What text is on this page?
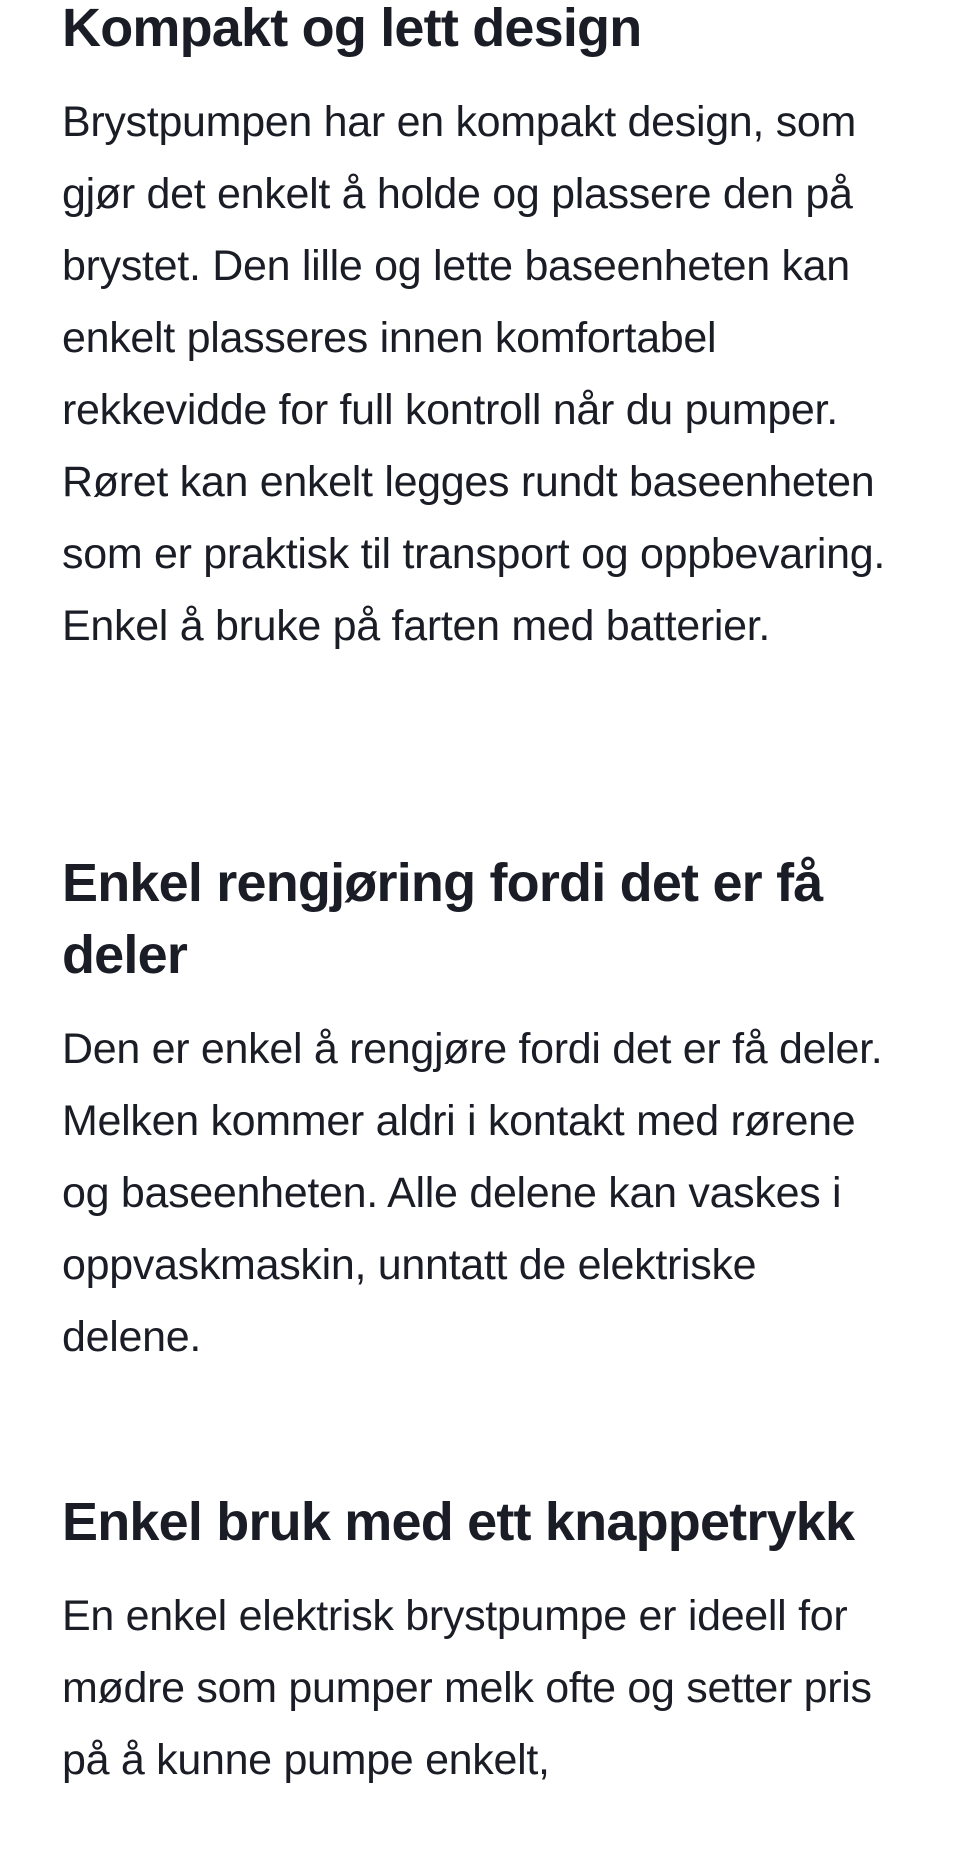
Kompakt og lett design

Brystpumpen har en kompakt design, som gjør det enkelt å holde og plassere den på brystet. Den lille og lette baseenheten kan enkelt plasseres innen komfortabel rekkevidde for full kontroll når du pumper. Røret kan enkelt legges rundt baseenheten som er praktisk til transport og oppbevaring. Enkel å bruke på farten med batterier.

Enkel rengjøring fordi det er få deler

Den er enkel å rengjøre fordi det er få deler. Melken kommer aldri i kontakt med rørene og baseenheten. Alle delene kan vaskes i oppvaskmaskin, unntatt de elektriske delene.

Enkel bruk med ett knappetrykk

En enkel elektrisk brystpumpe er ideell for mødre som pumper melk ofte og setter pris på å kunne pumpe enkelt,
